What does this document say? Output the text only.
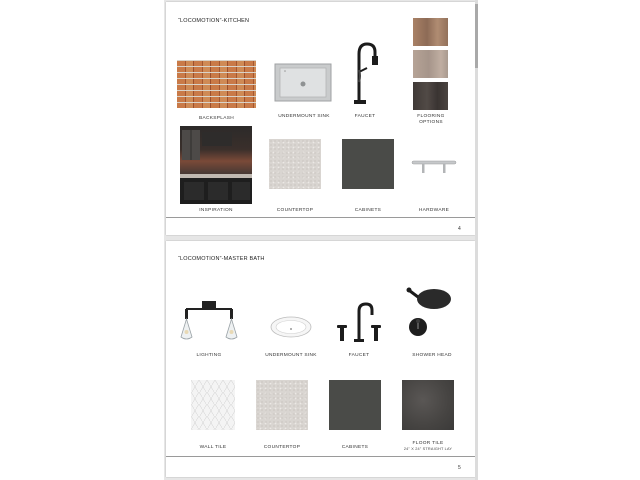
“LOCOMOTION”-KITCHEN
BACKSPLASH	UNDERMOUNT SINK	FAUCET	FLOORING
OPTIONS
INSPIRATION	COUNTERTOP	CABINETS	HARDWARE
4
“LOCOMOTION”-MASTER BATH
LIGHTING	UNDERMOUNT SINK	FAUCET	SHOWER HEAD
WALL TILE	COUNTERTOP	CABINETS
FLOOR TILE
24" X 24" STRAIGHT LAY
5
